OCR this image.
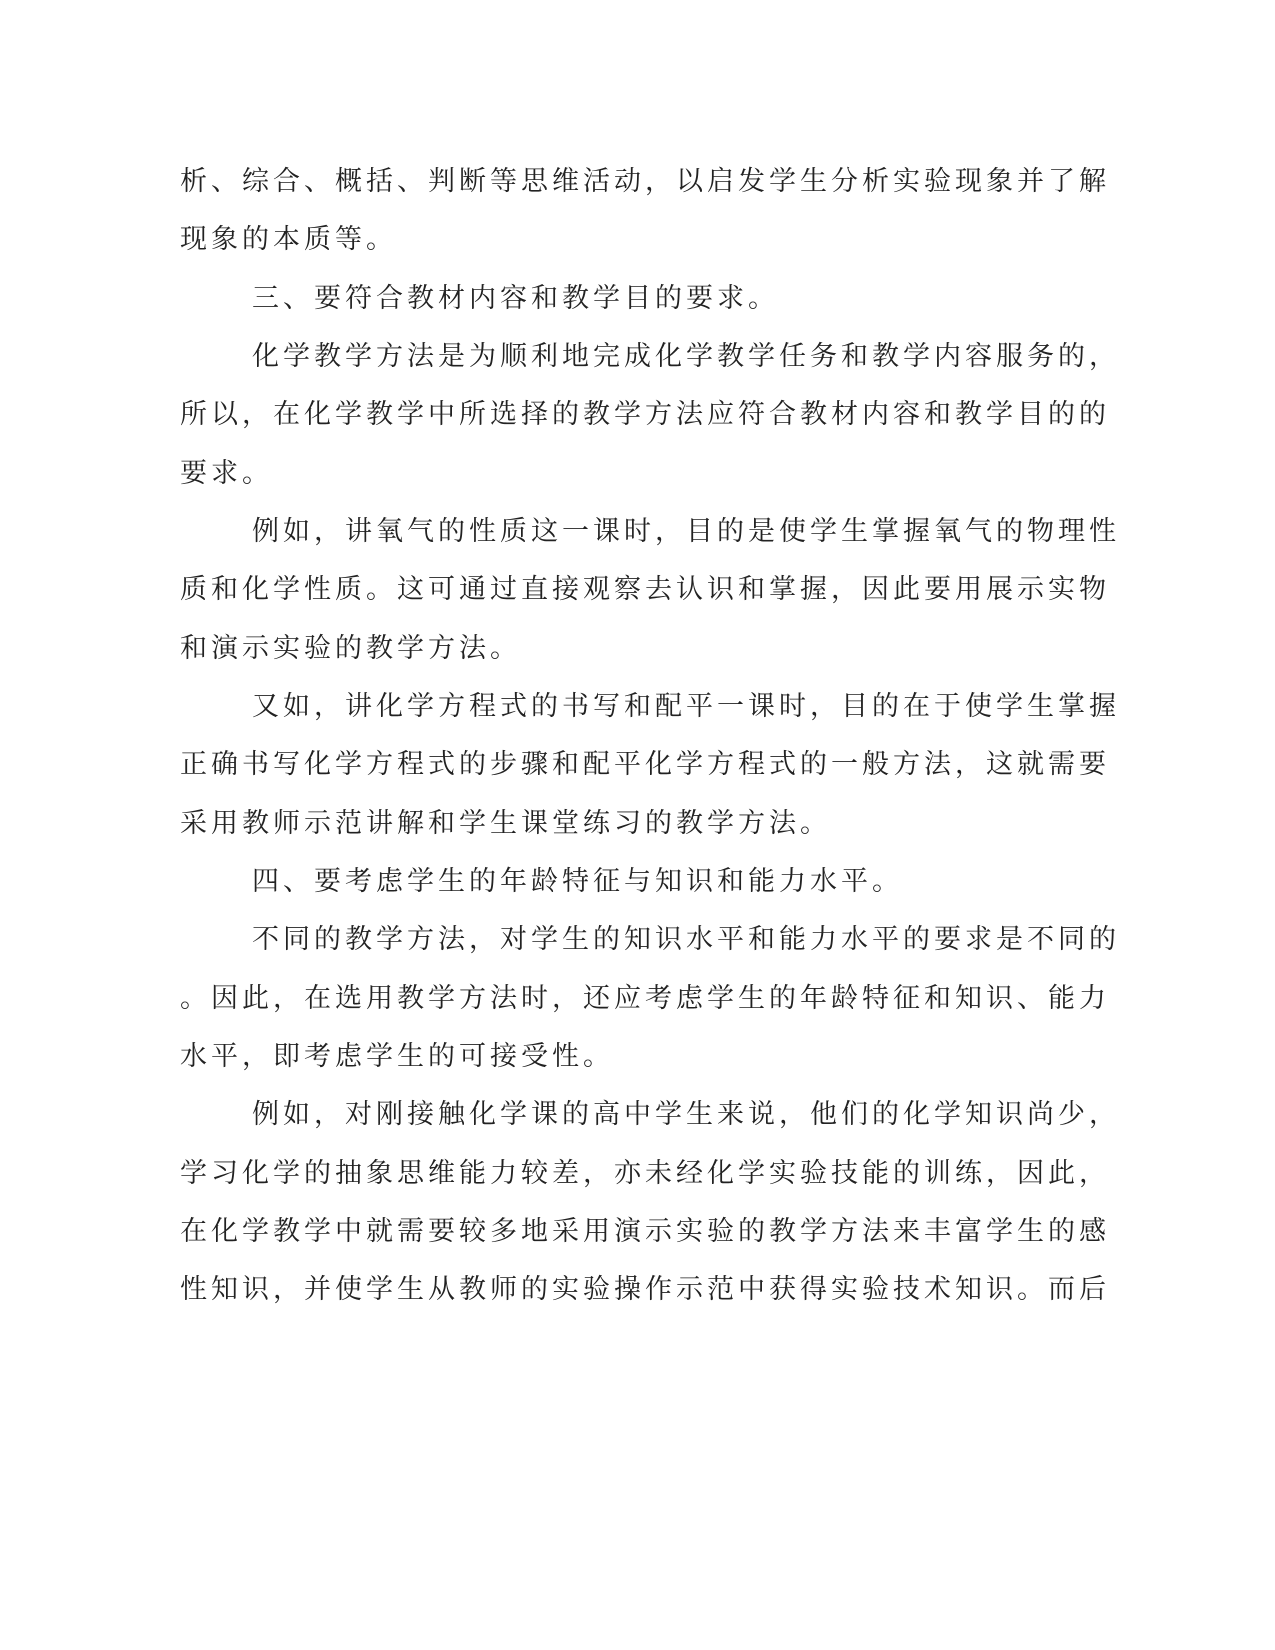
析、综合、概括、判断等思维活动，以启发学生分析实验现象并了解
现象的本质等。
三、要符合教材内容和教学目的要求。
化学教学方法是为顺利地完成化学教学任务和教学内容服务的，
所以，在化学教学中所选择的教学方法应符合教材内容和教学目的的
要求。
例如，讲氧气的性质这一课时，目的是使学生掌握氧气的物理性
质和化学性质。这可通过直接观察去认识和掌握，因此要用展示实物
和演示实验的教学方法。
又如，讲化学方程式的书写和配平一课时，目的在于使学生掌握
正确书写化学方程式的步骤和配平化学方程式的一般方法，这就需要
采用教师示范讲解和学生课堂练习的教学方法。
四、要考虑学生的年龄特征与知识和能力水平。
不同的教学方法，对学生的知识水平和能力水平的要求是不同的
。因此，在选用教学方法时，还应考虑学生的年龄特征和知识、能力
水平，即考虑学生的可接受性。
例如，对刚接触化学课的高中学生来说，他们的化学知识尚少，
学习化学的抽象思维能力较差，亦未经化学实验技能的训练，因此，
在化学教学中就需要较多地采用演示实验的教学方法来丰富学生的感
性知识，并使学生从教师的实验操作示范中获得实验技术知识。而后
